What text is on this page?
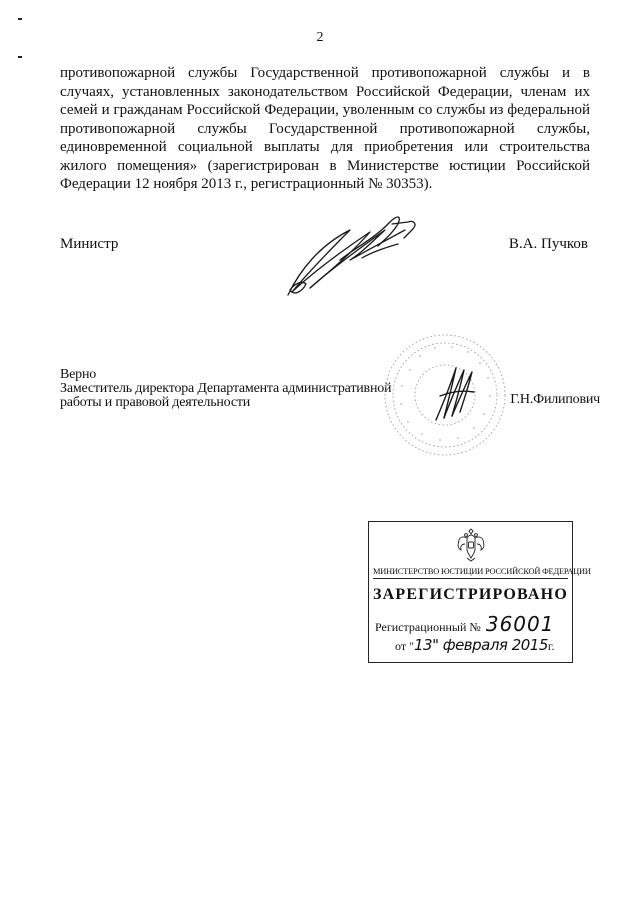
2

противопожарной службы Государственной противопожарной службы и в
случаях, установленных законодательством Российской Федерации, членам их
семей и гражданам Российской Федерации, уволенным со службы из федеральной
противопожарной службы Государственной противопожарной службы,
единовременной социальной выплаты для приобретения или строительства
жилого помещения» (зарегистрирован в Министерстве юстиции Российской
Федерации 12 ноября 2013 г., регистрационный № 30353).

Министр	В.А. Пучков
Верно
Заместитель директора Департамента административной
работы и правовой деятельности	Г.Н.Филипович
МИНИСТЕРСТВО ЮСТИЦИИ РОССИЙСКОЙ ФЕДЕРАЦИИ
ЗАРЕГИСТРИРОВАНО
Регистрационный № 36001
от "13" февраля 2015г.
